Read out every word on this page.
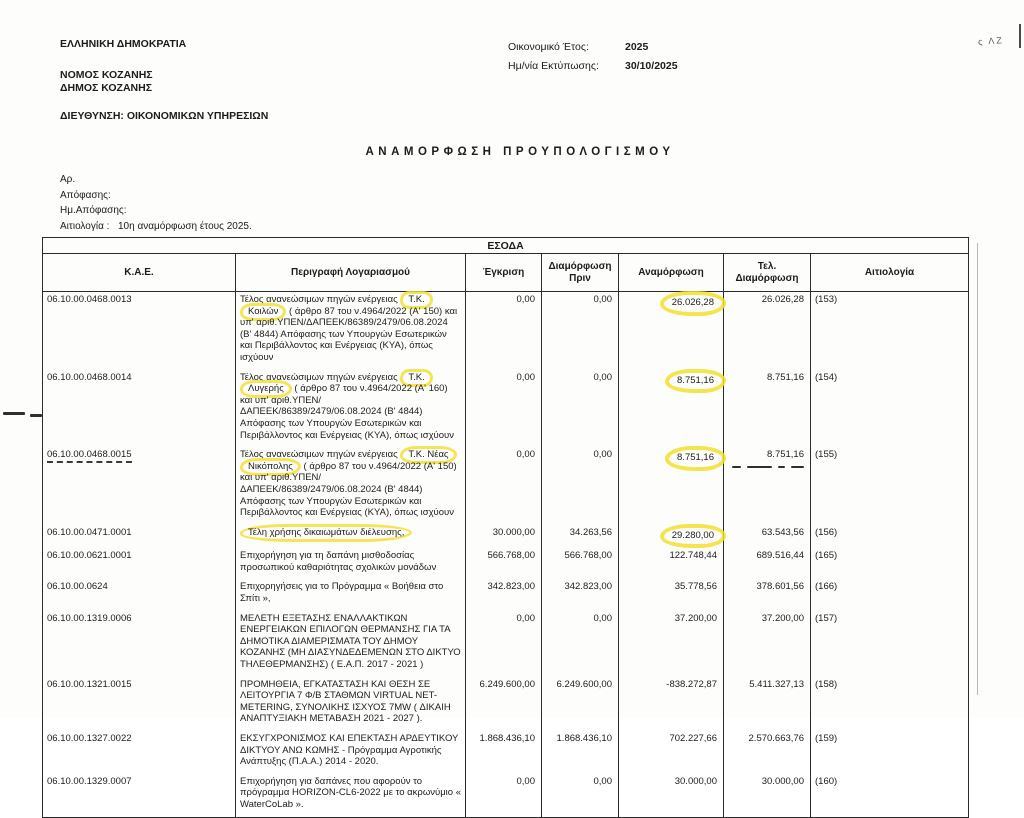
ΕΛΛΗΝΙΚΗ ΔΗΜΟΚΡΑΤΙΑ
ΝΟΜΟΣ ΚΟΖΑΝΗΣ
ΔΗΜΟΣ ΚΟΖΑΝΗΣ
ΔΙΕΥΘΥΝΣΗ: ΟΙΚΟΝΟΜΙΚΩΝ ΥΠΗΡΕΣΙΩΝ
Οικονομικό Έτος:	2025
Ημ/νία Εκτύπωσης:	30/10/2025
ς ΛΖ
ΑΝΑΜΟΡΦΩΣΗ ΠΡΟΥΠΟΛΟΓΙΣΜΟΥ
Αρ. Απόφασης:
Ημ.Απόφασης:
Αιτιολογία : 10η αναμόρφωση έτους 2025.
ΕΣΟΔΑ						
Κ.Α.Ε.	Περιγραφή Λογαριασμού	Έγκριση	Διαμόρφωση Πριν	Αναμόρφωση	Τελ. Διαμόρφωση	Αιτιολογία
06.10.00.0468.0013	Τέλος ανανεώσιμων πηγών ενέργειας Τ.Κ. Κοιλών ( άρθρο 87 του ν.4964/2022 (Α' 150) και υπ' αριθ.ΥΠΕΝ/ΔΑΠΕΕΚ/86389/2479/06.08.2024 (Β' 4844) Απόφασης των Υπουργών Εσωτερικών και Περιβάλλοντος και Ενέργειας (ΚΥΑ), όπως ισχύουν	0,00	0,00	26.026,28	26.026,28	(153)
06.10.00.0468.0014	Τέλος ανανεώσιμων πηγών ενέργειας Τ.Κ. Λυγερής ( άρθρο 87 του ν.4964/2022 (Α' 160) και υπ' αριθ.ΥΠΕΝ/ΔΑΠΕΕΚ/86389/2479/06.08.2024 (Β' 4844) Απόφασης των Υπουργών Εσωτερικών και Περιβάλλοντος και Ενέργειας (ΚΥΑ), όπως ισχύουν	0,00	0,00	8.751,16	8.751,16	(154)
06.10.00.0468.0015	Τέλος ανανεώσιμων πηγών ενέργειας Τ.Κ. Νέας Νικόπολης ( άρθρο 87 του ν.4964/2022 (Α' 150) και υπ' αριθ.ΥΠΕΝ/ΔΑΠΕΕΚ/86389/2479/06.08.2024 (Β' 4844) Απόφασης των Υπουργών Εσωτερικών και Περιβάλλοντος και Ενέργειας (ΚΥΑ), όπως ισχύουν	0,00	0,00	8.751,16	8.751,16	(155)
06.10.00.0471.0001	Τέλη χρήσης δικαιωμάτων διέλευσης,	30.000,00	34.263,56	29.280,00	63.543,56	(156)
06.10.00.0621.0001	Επιχορήγηση για τη δαπάνη μισθοδοσίας προσωπικού καθαριότητας σχολικών μονάδων	566.768,00	566.768,00	122.748,44	689.516,44	(165)
06.10.00.0624	Επιχορηγήσεις για το Πρόγραμμα « Βοήθεια στο Σπίτι »,	342.823,00	342.823,00	35.778,56	378.601,56	(166)
06.10.00.1319.0006	ΜΕΛΕΤΗ ΕΞΕΤΑΣΗΣ ΕΝΑΛΛΑΚΤΙΚΩΝ ΕΝΕΡΓΕΙΑΚΩΝ ΕΠΙΛΟΓΩΝ ΘΕΡΜΑΝΣΗΣ ΓΙΑ ΤΑ ΔΗΜΟΤΙΚΑ ΔΙΑΜΕΡΙΣΜΑΤΑ ΤΟΥ ΔΗΜΟΥ ΚΟΖΑΝΗΣ (ΜΗ ΔΙΑΣΥΝΔΕΔΕΜΕΝΩΝ ΣΤΟ ΔΙΚΤΥΟ ΤΗΛΕΘΕΡΜΑΝΣΗΣ) ( Ε.Α.Π. 2017 - 2021 )	0,00	0,00	37.200,00	37.200,00	(157)
06.10.00.1321.0015	ΠΡΟΜΗΘΕΙΑ, ΕΓΚΑΤΑΣΤΑΣΗ ΚΑΙ ΘΕΣΗ ΣΕ ΛΕΙΤΟΥΡΓΙΑ 7 Φ/Β ΣΤΑΘΜΩΝ VIRTUAL NET- METERING, ΣΥΝΟΛΙΚΗΣ ΙΣΧΥΟΣ 7MW ( ΔΙΚΑΙΗ ΑΝΑΠΤΥΞΙΑΚΗ ΜΕΤΑΒΑΣΗ 2021 - 2027 ).	6.249.600,00	6.249.600,00	-838.272,87	5.411.327,13	(158)
06.10.00.1327.0022	ΕΚΣΥΓΧΡΟΝΙΣΜΟΣ ΚΑΙ ΕΠΕΚΤΑΣΗ ΑΡΔΕΥΤΙΚΟΥ ΔΙΚΤΥΟΥ ΑΝΩ ΚΩΜΗΣ - Πρόγραμμα Αγροτικής Ανάπτυξης (Π.Α.Α.) 2014 - 2020.	1.868.436,10	1.868.436,10	702.227,66	2.570.663,76	(159)
06.10.00.1329.0007	Επιχορήγηση για δαπάνες που αφορούν το πρόγραμμα HORIZON-CL6-2022 με το ακρωνύμιο « WaterCoLab ».	0,00	0,00	30.000,00	30.000,00	(160)
